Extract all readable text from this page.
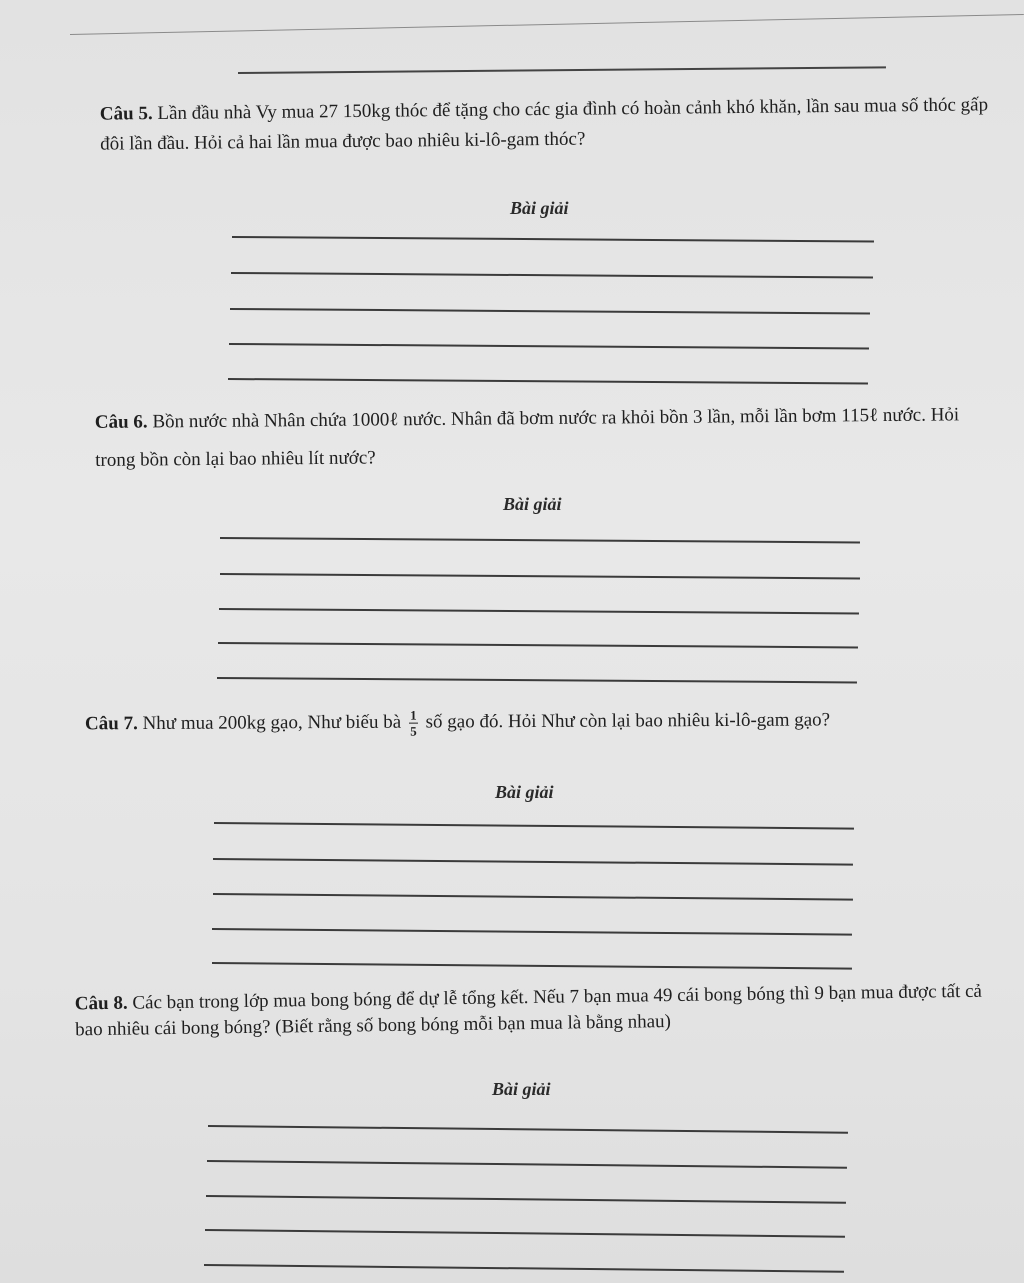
Câu 5. Lần đầu nhà Vy mua 27 150kg thóc để tặng cho các gia đình có hoàn cảnh khó khăn, lần sau mua số thóc gấp đôi lần đầu. Hỏi cả hai lần mua được bao nhiêu ki-lô-gam thóc?
Bài giải
Câu 6. Bồn nước nhà Nhân chứa 1000ℓ nước. Nhân đã bơm nước ra khỏi bồn 3 lần, mỗi lần bơm 115ℓ nước. Hỏi trong bồn còn lại bao nhiêu lít nước?
Bài giải
Câu 7. Như mua 200kg gạo, Như biếu bà $\frac{1}{5}$ số gạo đó. Hỏi Như còn lại bao nhiêu ki-lô-gam gạo?
Bài giải
Câu 8. Các bạn trong lớp mua bong bóng để dự lễ tổng kết. Nếu 7 bạn mua 49 cái bong bóng thì 9 bạn mua được tất cả bao nhiêu cái bong bóng? (Biết rằng số bong bóng mỗi bạn mua là bằng nhau)
Bài giải
